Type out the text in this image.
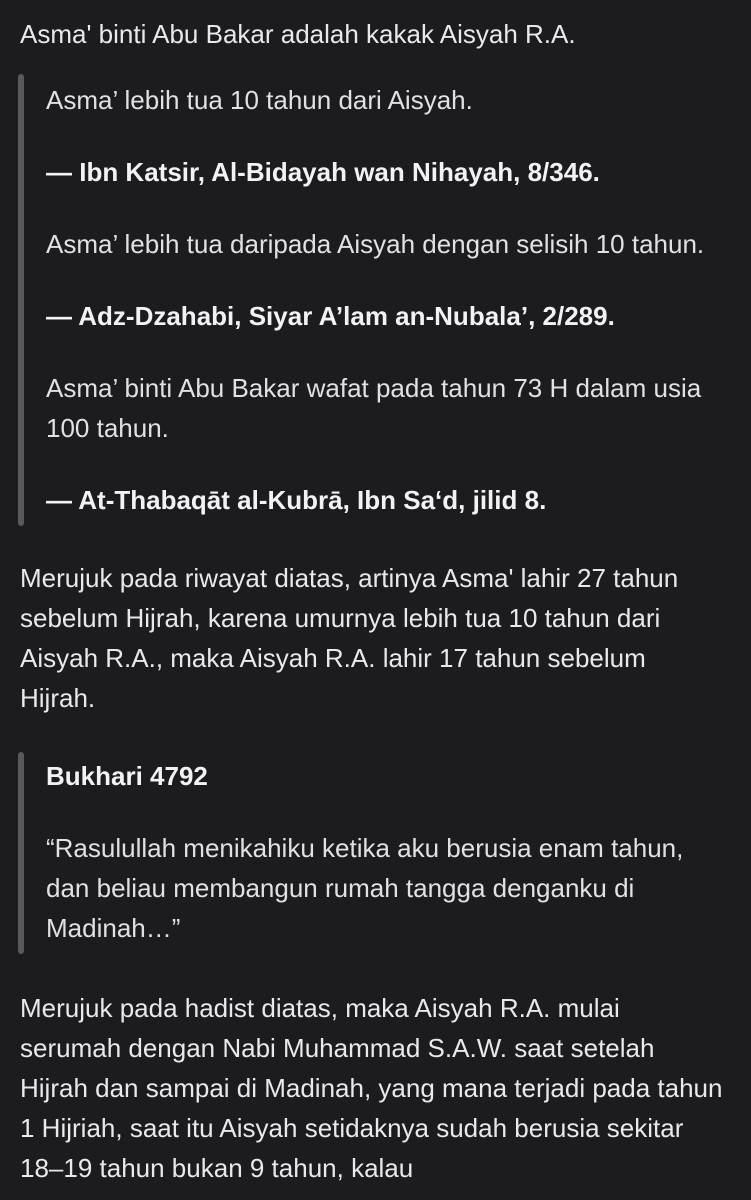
Asma' binti Abu Bakar adalah kakak Aisyah R.A.

Asma’ lebih tua 10 tahun dari Aisyah.

— Ibn Katsir, Al-Bidayah wan Nihayah, 8/346.

Asma’ lebih tua daripada Aisyah dengan selisih 10 tahun.

— Adz-Dzahabi, Siyar A’lam an-Nubala’, 2/289.

Asma’ binti Abu Bakar wafat pada tahun 73 H dalam usia 100 tahun.

— At-Thabaqāt al-Kubrā, Ibn Sa‘d, jilid 8.

Merujuk pada riwayat diatas, artinya Asma' lahir 27 tahun sebelum Hijrah, karena umurnya lebih tua 10 tahun dari Aisyah R.A., maka Aisyah R.A. lahir 17 tahun sebelum Hijrah.

Bukhari 4792

“Rasulullah menikahiku ketika aku berusia enam tahun, dan beliau membangun rumah tangga denganku di Madinah…”

Merujuk pada hadist diatas, maka Aisyah R.A. mulai serumah dengan Nabi Muhammad S.A.W. saat setelah Hijrah dan sampai di Madinah, yang mana terjadi pada tahun 1 Hijriah, saat itu Aisyah setidaknya sudah berusia sekitar 18–19 tahun bukan 9 tahun, kalau
